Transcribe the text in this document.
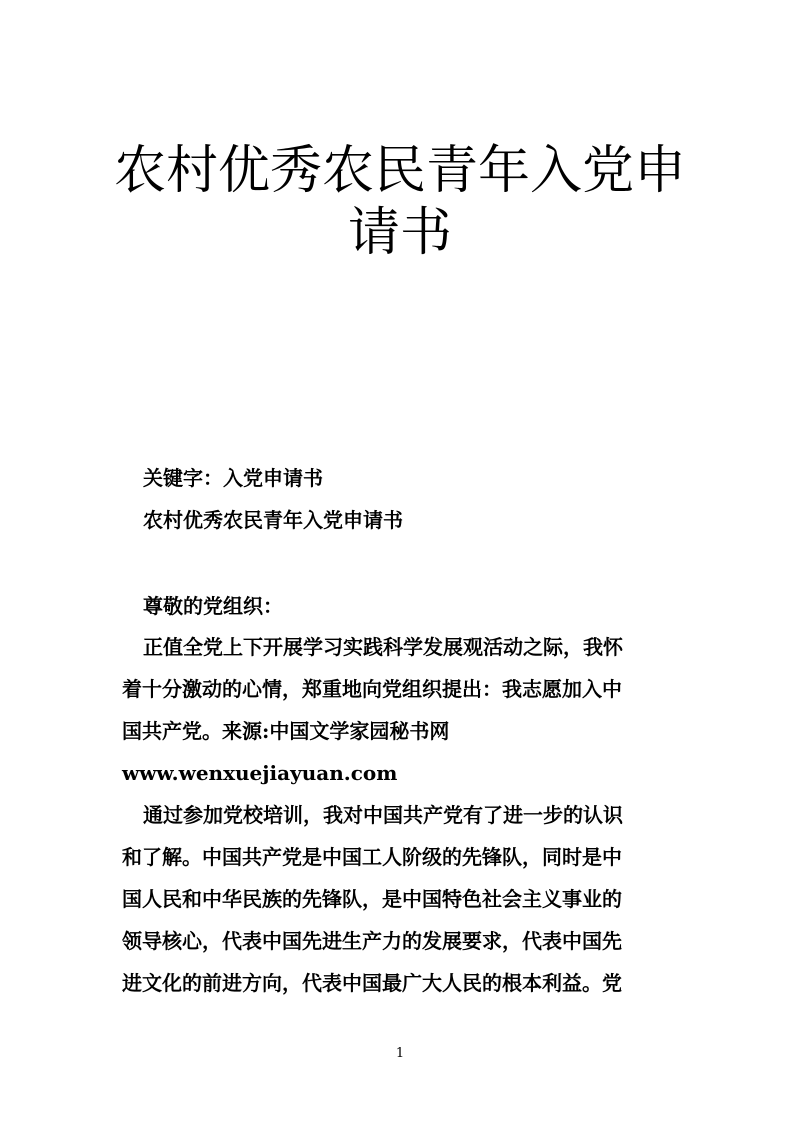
农村优秀农民青年入党申
请书

关键字：入党申请书

农村优秀农民青年入党申请书

尊敬的党组织：

正值全党上下开展学习实践科学发展观活动之际，我怀

着十分激动的心情，郑重地向党组织提出：我志愿加入中

国共产党。来源:中国文学家园秘书网

www.wenxuejiayuan.com

通过参加党校培训，我对中国共产党有了进一步的认识

和了解。中国共产党是中国工人阶级的先锋队，同时是中

国人民和中华民族的先锋队，是中国特色社会主义事业的

领导核心，代表中国先进生产力的发展要求，代表中国先

进文化的前进方向，代表中国最广大人民的根本利益。党

1
